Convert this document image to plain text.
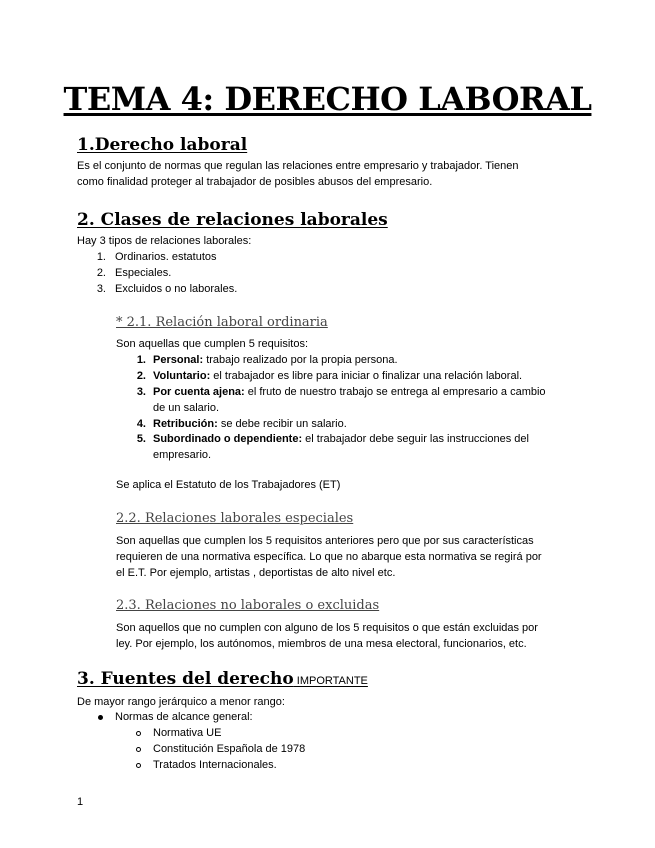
TEMA 4: DERECHO LABORAL
1.Derecho laboral
Es el conjunto de normas que regulan las relaciones entre empresario y trabajador. Tienen
como finalidad proteger al trabajador de posibles abusos del empresario.
2. Clases de relaciones laborales
Hay 3 tipos de relaciones laborales:
1. Ordinarios. estatutos
2. Especiales.
3. Excluidos o no laborales.
* 2.1. Relación laboral ordinaria
Son aquellas que cumplen 5 requisitos:
1. Personal: trabajo realizado por la propia persona.
2. Voluntario: el trabajador es libre para iniciar o finalizar una relación laboral.
3. Por cuenta ajena: el fruto de nuestro trabajo se entrega al empresario a cambio
de un salario.
4. Retribución: se debe recibir un salario.
5. Subordinado o dependiente: el trabajador debe seguir las instrucciones del
empresario.
Se aplica el Estatuto de los Trabajadores (ET)
2.2. Relaciones laborales especiales
Son aquellas que cumplen los 5 requisitos anteriores pero que por sus características
requieren de una normativa específica. Lo que no abarque esta normativa se regirá por
el E.T. Por ejemplo, artistas , deportistas de alto nivel etc.
2.3. Relaciones no laborales o excluidas
Son aquellos que no cumplen con alguno de los 5 requisitos o que están excluidas por
ley. Por ejemplo, los autónomos, miembros de una mesa electoral, funcionarios, etc.
3. Fuentes del derecho IMPORTANTE
De mayor rango jerárquico a menor rango:
Normas de alcance general:
Normativa UE
Constitución Española de 1978
Tratados Internacionales.
1
